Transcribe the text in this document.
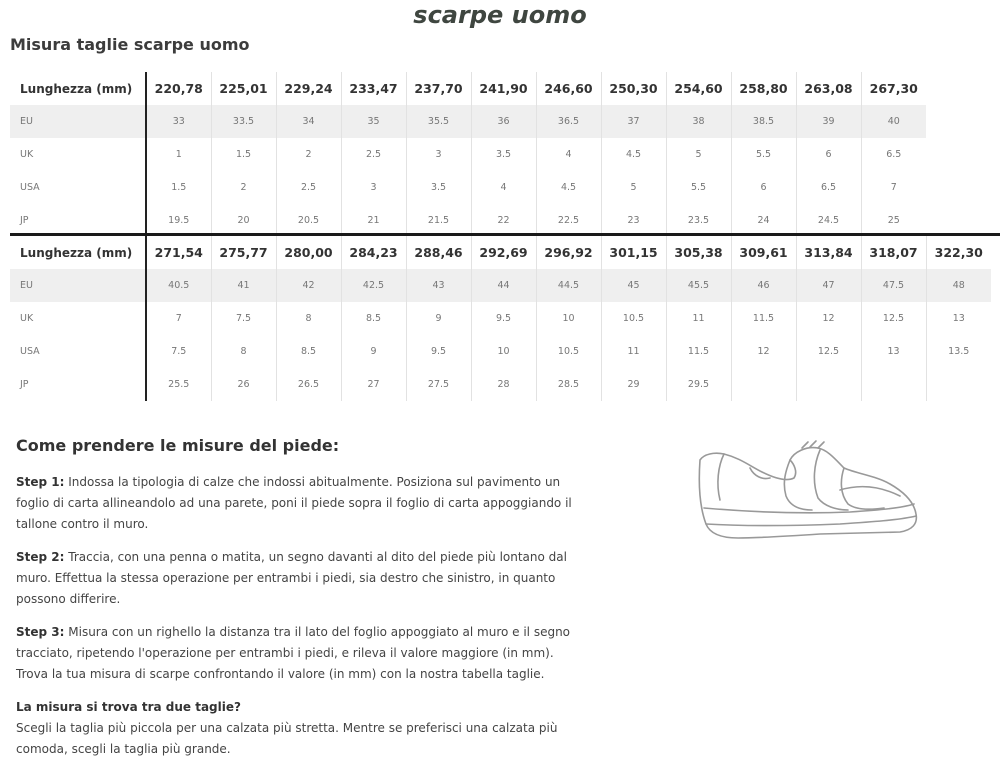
scarpe uomo
Misura taglie scarpe uomo
Lunghezza (mm)	220,78	225,01	229,24	233,47	237,70	241,90	246,60	250,30	254,60	258,80	263,08	267,30	
EU	33	33.5	34	35	35.5	36	36.5	37	38	38.5	39	40	
UK	1	1.5	2	2.5	3	3.5	4	4.5	5	5.5	6	6.5	
USA	1.5	2	2.5	3	3.5	4	4.5	5	5.5	6	6.5	7	
JP	19.5	20	20.5	21	21.5	22	22.5	23	23.5	24	24.5	25	
Lunghezza (mm)	271,54	275,77	280,00	284,23	288,46	292,69	296,92	301,15	305,38	309,61	313,84	318,07	322,30
EU	40.5	41	42	42.5	43	44	44.5	45	45.5	46	47	47.5	48
UK	7	7.5	8	8.5	9	9.5	10	10.5	11	11.5	12	12.5	13
USA	7.5	8	8.5	9	9.5	10	10.5	11	11.5	12	12.5	13	13.5
JP	25.5	26	26.5	27	27.5	28	28.5	29	29.5				
Come prendere le misure del piede:
Step 1: Indossa la tipologia di calze che indossi abitualmente. Posiziona sul pavimento un foglio di carta allineandolo ad una parete, poni il piede sopra il foglio di carta appoggiando il tallone contro il muro.
Step 2: Traccia, con una penna o matita, un segno davanti al dito del piede più lontano dal muro. Effettua la stessa operazione per entrambi i piedi, sia destro che sinistro, in quanto possono differire.
Step 3: Misura con un righello la distanza tra il lato del foglio appoggiato al muro e il segno tracciato, ripetendo l'operazione per entrambi i piedi, e rileva il valore maggiore (in mm). Trova la tua misura di scarpe confrontando il valore (in mm) con la nostra tabella taglie.
La misura si trova tra due taglie?
Scegli la taglia più piccola per una calzata più stretta. Mentre se preferisci una calzata più comoda, scegli la taglia più grande.
